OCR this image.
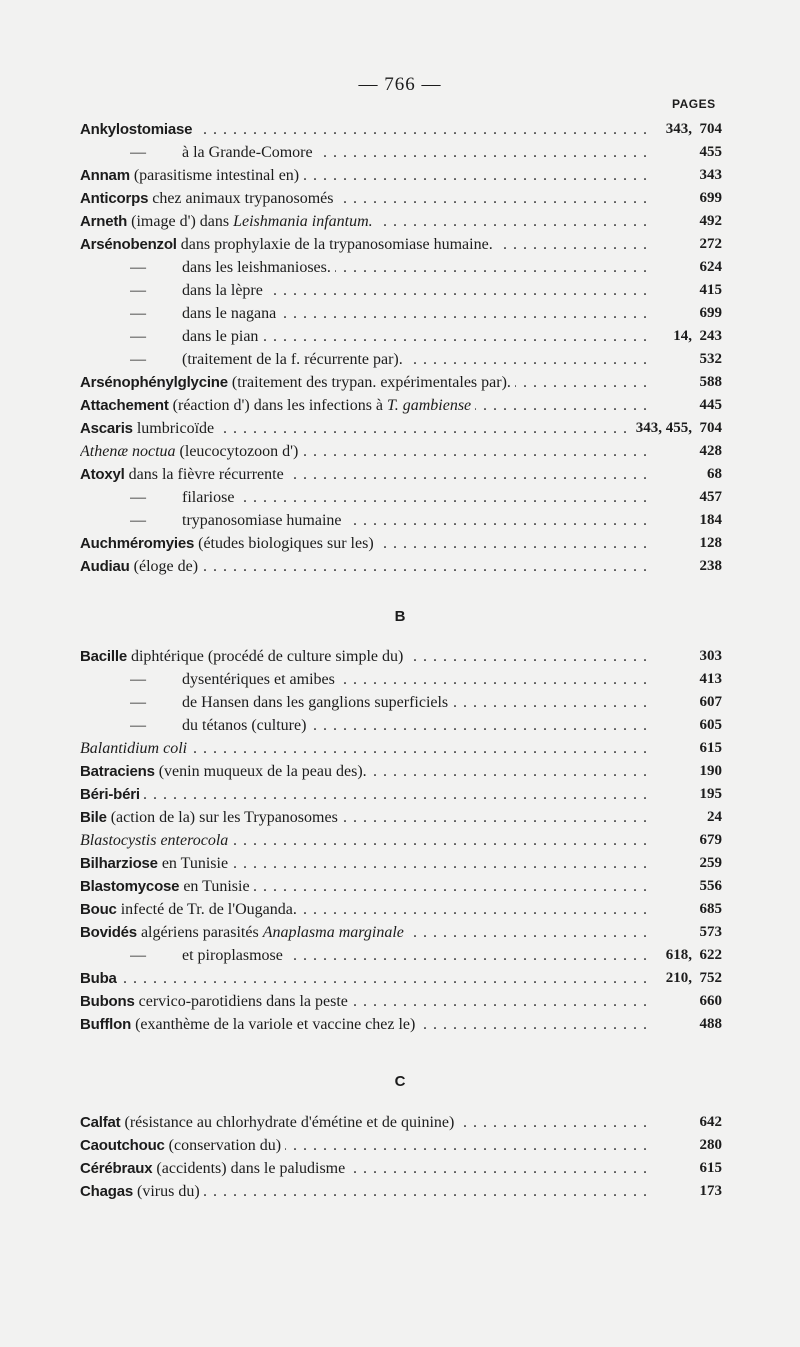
— 766 —
PAGES
Ankylostomiase . . .	343, 704
— à la Grande-Comore . . .	455
Annam (parasitisme intestinal en) . . .	343
Anticorps chez animaux trypanosomés . . .	699
Arneth (image d') dans Leishmania infantum. . . .	492
Arsénobenzol dans prophylaxie de la trypanosomiase humaine. . . .	272
— dans les leishmanioses. . . .	624
— dans la lèpre . . .	415
— dans le nagana . . .	699
— dans le pian . . .	14, 243
— (traitement de la f. récurrente par). . . .	532
Arsénophénylglycine (traitement des trypan. expérimentales par). . . .	588
Attachement (réaction d') dans les infections à T. gambiense . . .	445
Ascaris lumbricoïde . . .	343, 455, 704
Athenæ noctua (leucocytozoon d') . . .	428
Atoxyl dans la fièvre récurrente . . .	68
— filariose . . .	457
— trypanosomiase humaine . . .	184
Auchméromyies (études biologiques sur les) . . .	128
Audiau (éloge de) . . .	238
B
Bacille diphtérique (procédé de culture simple du) . . .	303
— dysentériques et amibes . . .	413
— de Hansen dans les ganglions superficiels . . .	607
— du tétanos (culture) . . .	605
Balantidium coli . . .	615
Batraciens (venin muqueux de la peau des). . . .	190
Béri-béri . . .	195
Bile (action de la) sur les Trypanosomes . . .	24
Blastocystis enterocola . . .	679
Bilharziose en Tunisie . . .	259
Blastomycose en Tunisie . . .	556
Bouc infecté de Tr. de l'Ouganda. . . .	685
Bovidés algériens parasités Anaplasma marginale . . .	573
— et piroplasmose . . .	618, 622
Buba . . .	210, 752
Bubons cervico-parotidiens dans la peste . . .	660
Bufflon (exanthème de la variole et vaccine chez le) . . .	488
C
Calfat (résistance au chlorhydrate d'émétine et de quinine) . . .	642
Caoutchouc (conservation du) . . .	280
Cérébraux (accidents) dans le paludisme . . .	615
Chagas (virus du) . . .	173
